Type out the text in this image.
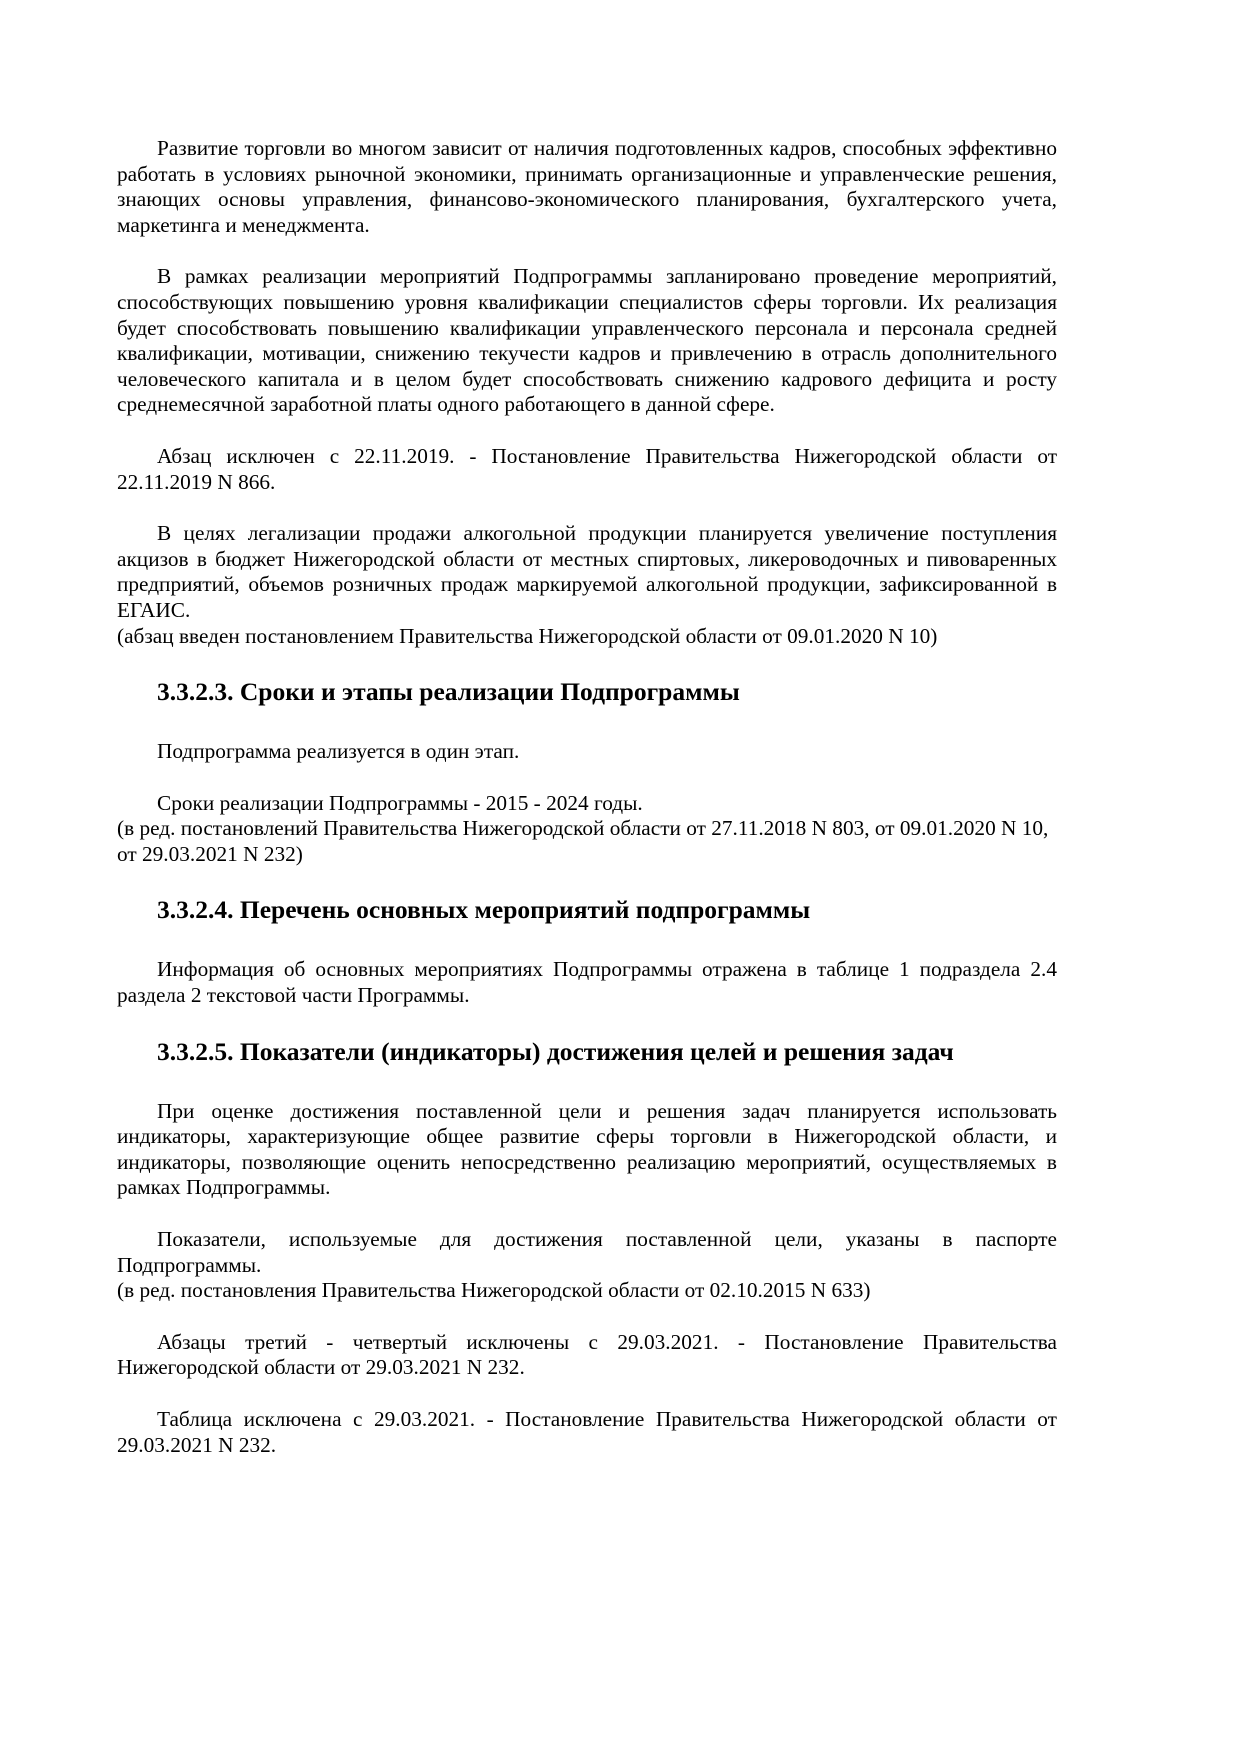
Развитие торговли во многом зависит от наличия подготовленных кадров, способных эффективно работать в условиях рыночной экономики, принимать организационные и управленческие решения, знающих основы управления, финансово-экономического планирования, бухгалтерского учета, маркетинга и менеджмента.

В рамках реализации мероприятий Подпрограммы запланировано проведение мероприятий, способствующих повышению уровня квалификации специалистов сферы торговли. Их реализация будет способствовать повышению квалификации управленческого персонала и персонала средней квалификации, мотивации, снижению текучести кадров и привлечению в отрасль дополнительного человеческого капитала и в целом будет способствовать снижению кадрового дефицита и росту среднемесячной заработной платы одного работающего в данной сфере.

Абзац исключен с 22.11.2019. - Постановление Правительства Нижегородской области от 22.11.2019 N 866.

В целях легализации продажи алкогольной продукции планируется увеличение поступления акцизов в бюджет Нижегородской области от местных спиртовых, ликероводочных и пивоваренных предприятий, объемов розничных продаж маркируемой алкогольной продукции, зафиксированной в ЕГАИС.

(абзац введен постановлением Правительства Нижегородской области от 09.01.2020 N 10)

3.3.2.3. Сроки и этапы реализации Подпрограммы

Подпрограмма реализуется в один этап.

Сроки реализации Подпрограммы - 2015 - 2024 годы.

(в ред. постановлений Правительства Нижегородской области от 27.11.2018 N 803, от 09.01.2020 N 10, от 29.03.2021 N 232)

3.3.2.4. Перечень основных мероприятий подпрограммы

Информация об основных мероприятиях Подпрограммы отражена в таблице 1 подраздела 2.4 раздела 2 текстовой части Программы.

3.3.2.5. Показатели (индикаторы) достижения целей и решения задач

При оценке достижения поставленной цели и решения задач планируется использовать индикаторы, характеризующие общее развитие сферы торговли в Нижегородской области, и индикаторы, позволяющие оценить непосредственно реализацию мероприятий, осуществляемых в рамках Подпрограммы.

Показатели, используемые для достижения поставленной цели, указаны в паспорте Подпрограммы.

(в ред. постановления Правительства Нижегородской области от 02.10.2015 N 633)

Абзацы третий - четвертый исключены с 29.03.2021. - Постановление Правительства Нижегородской области от 29.03.2021 N 232.

Таблица исключена с 29.03.2021. - Постановление Правительства Нижегородской области от 29.03.2021 N 232.
